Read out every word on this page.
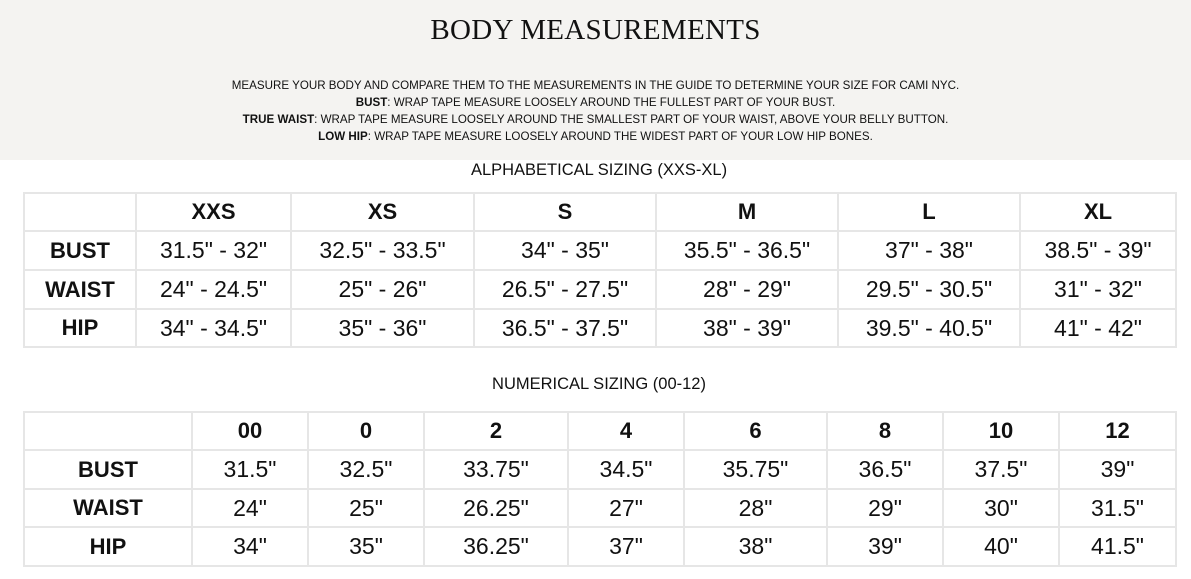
BODY MEASUREMENTS
MEASURE YOUR BODY AND COMPARE THEM TO THE MEASUREMENTS IN THE GUIDE TO DETERMINE YOUR SIZE FOR CAMI NYC.
BUST: WRAP TAPE MEASURE LOOSELY AROUND THE FULLEST PART OF YOUR BUST.
TRUE WAIST: WRAP TAPE MEASURE LOOSELY AROUND THE SMALLEST PART OF YOUR WAIST, ABOVE YOUR BELLY BUTTON.
LOW HIP: WRAP TAPE MEASURE LOOSELY AROUND THE WIDEST PART OF YOUR LOW HIP BONES.
ALPHABETICAL SIZING (XXS-XL)
	XXS	XS	S	M	L	XL
BUST	31.5" - 32"	32.5" - 33.5"	34" - 35"	35.5" - 36.5"	37" - 38"	38.5" - 39"
WAIST	24" - 24.5"	25" - 26"	26.5" - 27.5"	28" - 29"	29.5" - 30.5"	31" - 32"
HIP	34" - 34.5"	35" - 36"	36.5" - 37.5"	38" - 39"	39.5" - 40.5"	41" - 42"
NUMERICAL SIZING (00-12)
	00	0	2	4	6	8	10	12
BUST	31.5"	32.5"	33.75"	34.5"	35.75"	36.5"	37.5"	39"
WAIST	24"	25"	26.25"	27"	28"	29"	30"	31.5"
HIP	34"	35"	36.25"	37"	38"	39"	40"	41.5"
